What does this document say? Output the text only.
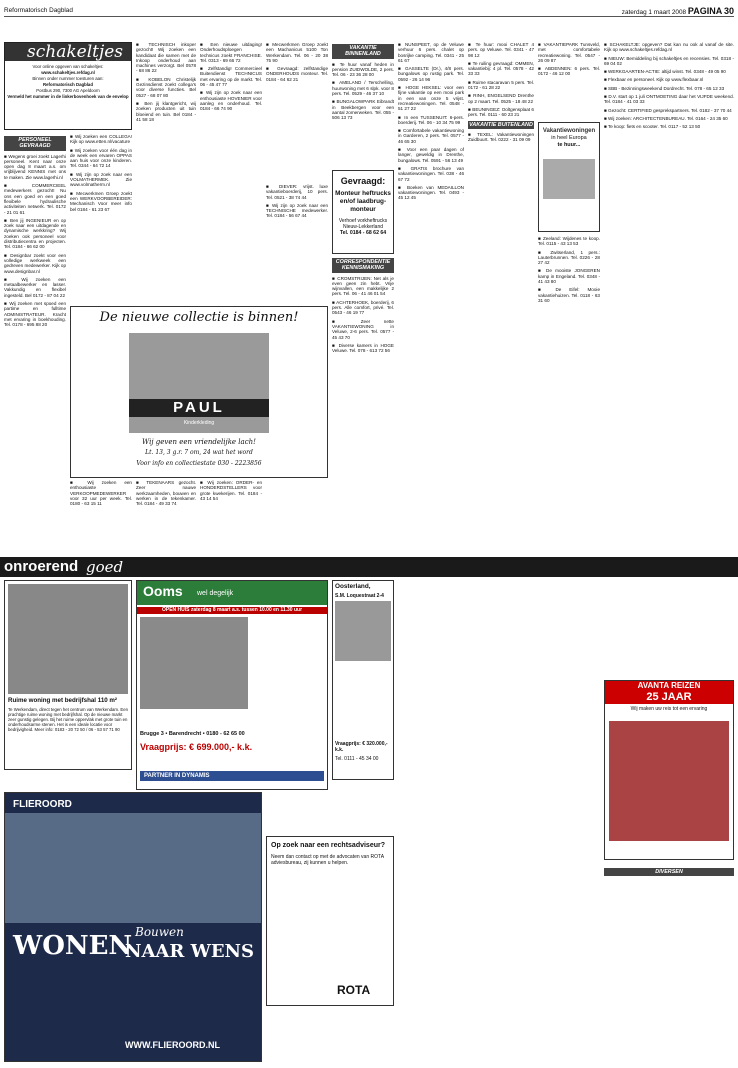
Reformatorisch Dagblad	zaterdag 1 maart 2008 PAGINA 30
schakeltjes
Voor online opgeven van schakeltjes:
www.schakeltjes.refdag.nl
Binnen onder nummer toesturen aan:
Reformatorisch Dagblad
Postbus 290, 7300 AG Apeldoorn
Vermeld het nummer in de linkerbovenhoek van de envelop
PERSONEEL GEVRAAGD

■ Wegens groei zoekt Lagerhi personeel. Kent naar onze open dag 8 maart a.s. om vrijblijvend KENNIS met ons te maken. Zie www.lagerhi.nl

■ COMMERCIEEL medewerkers gezocht! Nu ons een goed en een goed flexibele hydraulische activiteiten netwerk. Tel. 0172 - 21 01 61

■ Ben jij INGENIEUR en op zoek naar een uitdagende en dynamische werkkring? Wij zoeken ook personeel voor distributiecentra en projecten. Tel. 0184 - 66 62 00

■ Designbar zoekt voor een volledige werkweek een gedreven medewerker. Kijk op www.designbar.nl

■ Wij zoeken een metaalbewerker en lasser. Vakkundig en flexibel ingesteld. Bel 0172 - 87 04 22

■ Wij zoeken met spoed een partime en fulltime ADMINISTRATEUR. Kracht met ervaring in boekhouding. Tel. 0178 - 695 88 20

■ Wij zoeken een COLLEGA! Kijk op www.etten.nl/vacature

■ Wij zoeken voor één dag in de week een ervaren OPPAS aan huis voor onze kinderen. Tel. 0344 - 64 72 14

■ Wij zijn op zoek naar een VOLMATHERMEK. Zie www.volmatherm.nl

■ Mecwerkmen Groep zoekt een WERKVOORBEREIDER: Mechanisch Voor meer info bel 0184 - 61 23 67

■ TECHNISCH inkoper gezocht! Wij zoeken een kandidaat die samen met de Inkoop onderhoud aan machines verzorgt. Bel 0578 - 68 86 22

■ KOBELON Christelijk Gezinsdienst zoekt collega's voor diverse functies. Bel 0527 - 68 07 80

■ Ben jij klantgericht, wij zoeken producten uit tuin bloeiend en tuin. Bel 0184 - 41 58 18

■ Een nieuwe uitdaging! Onderhoudsploegen technicus zoekt FRANCHISE. Tel. 0313 - 69 66 72

■ Zelfstandig! Commercieel Buitendienst TECHNICUS met ervaring op de markt. Tel. 06 - 45 47 77

■ Wij zijn op zoek naar een enthousiaste HOVENIER voor aanleg en onderhoud. Tel. 0184 - 66 74 90

■ Mecwerkmen Groep zoekt een Machanicus 5100 Ton Werkendam. Tel. 06 - 20 38 75 90

■ Gevraagd: zelfstandige ONDERHOUDS monteur. Tel. 0184 - 64 62 21

De nieuwe collectie is binnen!
PAUL
Kinderkleding
Wij geven een vriendelijke lach!
Lt. 13, 3 g.r. 7 om, 24 wat het word
Voor info en collectiestate 030 - 2223856

■ Wij zoeken een enthousiaste VERKOOPMEDEWERKER voor 32 uur per week. Tel. 0180 - 63 15 11

■ TEKENAARS gezocht. Zeer nauwe werkzaamheden, bouwen en werken in de tekenkamer. Tel. 0184 - 49 33 74

■ Wij zoeken: ORDER- en HONDERDSTELLERS voor grote kwekerijen. Tel. 0184 - 43 14 54

Gevraagd:
Monteur heftrucks en/of laadbrug-monteur
Verhoef vorkheftrucks Nieuw-Lekkerland
Tel. 0184 - 68 62 64
VAKANTIE BINNENLAND

■ Te huur vanaf heden in pension ZUIDWOLDE, 2 pers. Tel. 06 - 23 36 28 00

■ AMELAND / Terschelling, huurwoning met 6 slpk. voor 8 pers. Tel. 0529 - 46 37 10

■ BUNGALOWPARK Eibrandt in Beekbergen voor een aantal zomerweken. Tel. 055 - 506 13 73

CORRESPONDENTIE KENNISMAKING

■ CROMSTRIJEN: Net als je even geen zin hebt. Vrije wijnvallen, een makkelijke 2 pers. Tel. 06 - 41 46 01 54

■ ACHTERHOEK, boerderij, 6 pers. Alle comfort, privé. Tel. 0543 - 46 19 77

■ Zeer nette VAKANTIEWONING in Veluwe, 2-6 pers. Tel. 0577 - 45 43 70

■ Diverse kamers in HOGE Veluwe. Tel. 078 - 613 72 56

■ DIEVER: vrijst. luxe vakantieboerderij, 10 pers. Tel. 0521 - 38 74 44

■ Wij zijn op zoek naar een TECHNISCHE medewerker. Tel. 0184 - 56 67 44

■ NUNSPEET, op de Veluwe verhuur 6 pers. chalet op bosrijke camping. Tel. 0341 - 25 61 67

■ GASSELTE (Dr.), 4/8 pers. bungalows op rustig park. Tel. 0592 - 26 14 96

■ HOGE HEKSEL: voor een fijne vakantie op een mooi park in een van onze 5 vrijst. recreatiewoningen. Tel. 0548 - 51 27 22

■ In een TUSSENUIT: 6-pers. boerderij. Tel. 06 - 10 34 75 99

■ Comfortabele vakantiewoning in Garderen, 2 pers. Tel. 0577 - 46 65 30

■ Voor een paar dagen of langer, geweldig in Drenthe, bungalows. Tel. 0591 - 56 13 49

■ GRATIS brochure van vakantiewoningen. Tel. 038 - 46 67 72

■ Boeken van MEDAILLON vakantiewoningen. Tel. 0493 - 45 12 45

■ Te huur: mooi CHALET 4 pers. op Veluwe. Tel. 0341 - 47 98 12

■ Te ruiling gevraagd: OMMEN, vakantiebij: 4 pl. Tel. 0578 - 42 33 33

■ Ruime stacaravan 5 pers. Tel. 0172 - 61 28 22

■ RINH, ENGELSEND Drenthe op 2 maart. Tel. 0525 - 18 48 22

■ BEUNINGEZ: Ooltgensplaat 6 pers. Tel. 0111 - 60 23 21

VAKANTIE BUITENLAND

■ TEXEL: Vakantiewoningen Zuidbuurt. Tel. 0222 - 31 09 09

Vakantiewoningen
in heel Europa
te huur...

■ VAKANTIEPARK Tunsveld, met comfortabele recreatiewoning. Tel. 0547 - 26 09 87

■ ABDENNEN: 6 pers. Tel. 0172 - 46 12 00

■ Zeeland: Wijdenes te koop. Tel. 0115 - 43 13 53

■ Zwitserland, 1 pers.: Lauterbrunnen. Tel. 0226 - 28 27 42

■ De mooiste JONGEREN kamp in Engeland. Tel. 0348 - 41 43 80

■ De Eifel: Mooie vakantiehuizen. Tel. 0118 - 63 31 60

■ SCHAKELTJE: opgeven? Dat kan nu ook al vanaf de site. Kijk op www.schakeltjes.refdag.nl

■ NIEUW: Bemiddeling bij schakeltjes en recensies. Tel. 0318 - 69 04 02

■ WERKGAARTEN-ACTIE: altijd winst. Tel. 0348 - 49 05 90

■ Flexbaar en personeel. Kijk op www.flexbaar.nl

■ SBB - Bezinningsweekend Dordrecht. Tel. 078 - 65 12 33

■ D.V. start op 1 juli ONTMOETING daar het VIJFDE weekend. Tel. 0184 - 41 03 33

■ Gezocht: CERTIFIED gesprekspartners. Tel. 0182 - 37 70 44

■ Wij zoeken: ARCHITECTENBUREAU. Tel. 0164 - 24 35 60

■ Te koop: fiets en scooter. Tel. 0117 - 52 13 50

onroerend goed
Ruime woning met bedrijfshal 110 m²
Te Werkendam, direct tegen het centrum van Werkendam. Een prachtige ruime woning met bedrijfshal. Op de nieuwe markt zeer gunstig gelegen. Bij het ruime oppervlak met grote tuin en onderhoudsarme stenen. Het is een ideale locatie voor bedrijvigheid. Meer info: 0183 - 20 72 50 / 06 - 53 57 71 90
Ooms wel degelijk
OPEN HUIS zaterdag 8 maart a.s. tussen 10.00 en 11.30 uur
Brugge 3 • Barendrecht • 0180 - 62 65 00
Vraagprijs: € 699.000,- k.k.
PARTNER IN DYNAMIS
Oosterland,
S.M. Loquestraat 2-4
Vraagprijs: € 320.000,- k.k.
Tel. 0111 - 45 34 00
Op zoek naar een rechtsadviseur?
Neem dan contact op met de advocaten van ROTA adviesbureau, zij kunnen u helpen.
ROTA
FLIEROORD
WONEN Bouwen
NAAR WENS
WWW.FLIEROORD.NL
AVANTA REIZEN
25 JAAR
Wij maken uw reis tot een ervaring
DIVERSEN
